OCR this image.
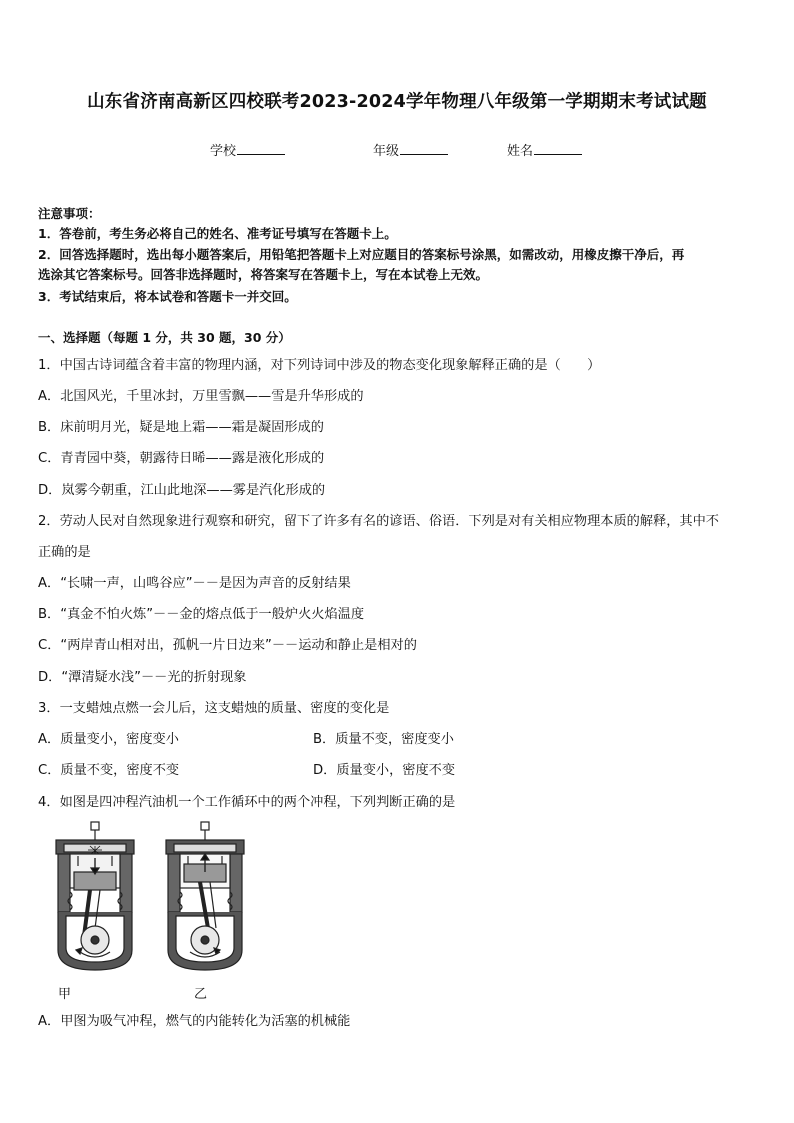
山东省济南高新区四校联考2023-2024学年物理八年级第一学期期末考试试题
学校	年级	姓名
注意事项：
1．答卷前，考生务必将自己的姓名、准考证号填写在答题卡上。
2．回答选择题时，选出每小题答案后，用铅笔把答题卡上对应题目的答案标号涂黑，如需改动，用橡皮擦干净后，再
选涂其它答案标号。回答非选择题时，将答案写在答题卡上，写在本试卷上无效。
3．考试结束后，将本试卷和答题卡一并交回。
一、选择题（每题 1 分，共 30 题，30 分）
1．中国古诗词蕴含着丰富的物理内涵，对下列诗词中涉及的物态变化现象解释正确的是（　　）
A．北国风光，千里冰封，万里雪飘——雪是升华形成的
B．床前明月光，疑是地上霜——霜是凝固形成的
C．青青园中葵，朝露待日晞——露是液化形成的
D．岚雾今朝重，江山此地深——雾是汽化形成的
2．劳动人民对自然现象进行观察和研究，留下了许多有名的谚语、俗语．下列是对有关相应物理本质的解释，其中不
正确的是
A．“长啸一声，山鸣谷应”－－是因为声音的反射结果
B．“真金不怕火炼”－－金的熔点低于一般炉火火焰温度
C．“两岸青山相对出，孤帆一片日边来”－－运动和静止是相对的
D．“潭清疑水浅”－－光的折射现象
3．一支蜡烛点燃一会儿后，这支蜡烛的质量、密度的变化是
A．质量变小，密度变小	B．质量不变，密度变小
C．质量不变，密度不变	D．质量变小，密度不变
4．如图是四冲程汽油机一个工作循环中的两个冲程，下列判断正确的是
甲	乙
A．甲图为吸气冲程，燃气的内能转化为活塞的机械能
